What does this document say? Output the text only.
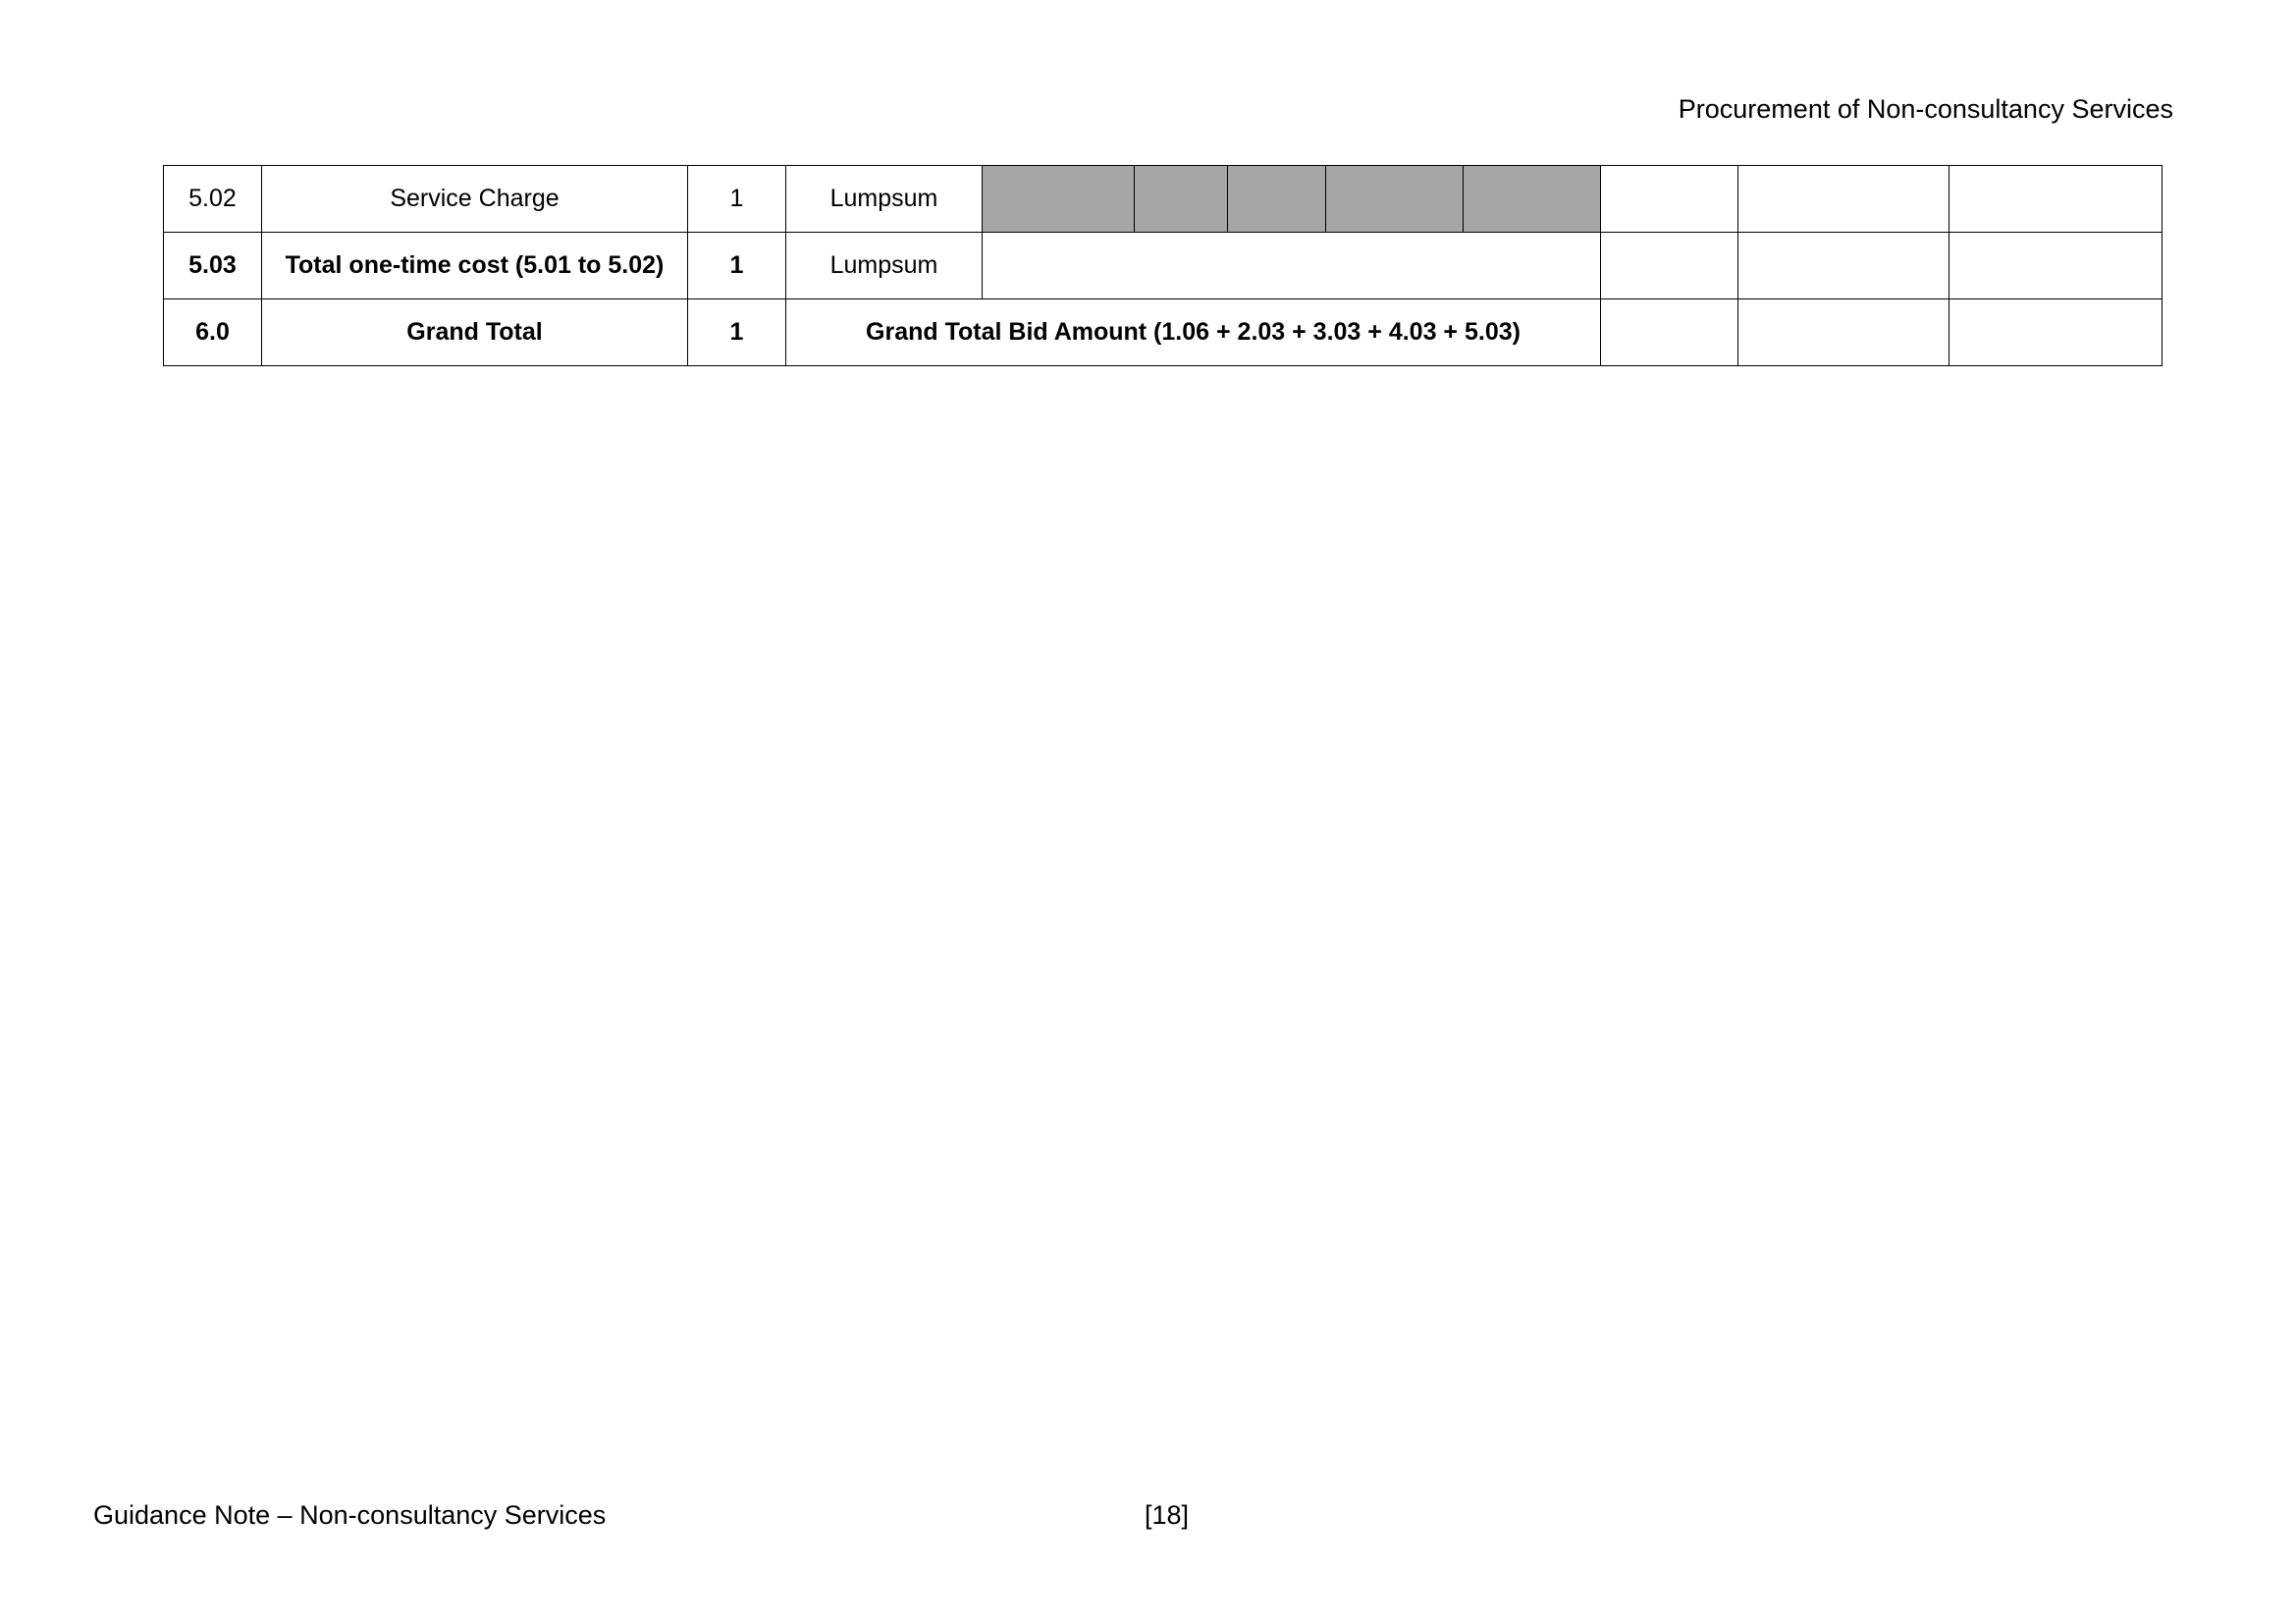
Procurement of Non-consultancy Services
5.02	Service Charge	1	Lumpsum								
5.03	Total one-time cost (5.01 to 5.02)	1	Lumpsum								
6.0	Grand Total	1	Grand Total Bid Amount (1.06 + 2.03 + 3.03 + 4.03 + 5.03)								
Guidance Note – Non-consultancy Services	[18]
